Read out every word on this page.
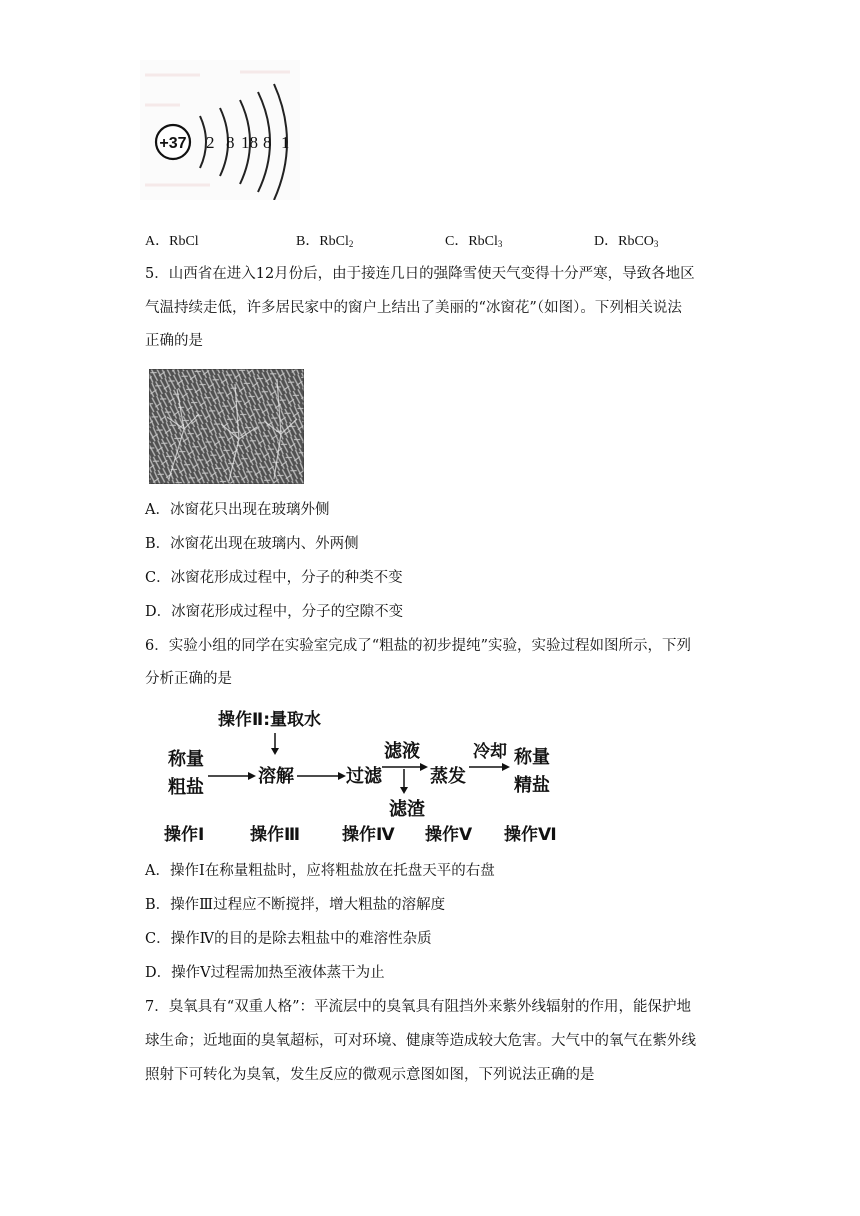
+37 2 8 18 8 1
A．RbCl	B．RbCl$_2$	C．RbCl$_3$	D．RbCO$_3$
5．山西省在进入12月份后，由于接连几日的强降雪使天气变得十分严寒，导致各地区
气温持续走低，许多居民家中的窗户上结出了美丽的“冰窗花”（如图）。下列相关说法
正确的是
A．冰窗花只出现在玻璃外侧
B．冰窗花出现在玻璃内、外两侧
C．冰窗花形成过程中，分子的种类不变
D．冰窗花形成过程中，分子的空隙不变
6．实验小组的同学在实验室完成了“粗盐的初步提纯”实验，实验过程如图所示，下列
分析正确的是
操作Ⅱ:量取水
称量
粗盐
溶解	过滤
滤液
滤渣
蒸发
冷却 称量
精盐
操作Ⅰ	操作Ⅲ 操作Ⅳ 操作Ⅴ 操作Ⅵ
A．操作Ⅰ在称量粗盐时，应将粗盐放在托盘天平的右盘
B．操作Ⅲ过程应不断搅拌，增大粗盐的溶解度
C．操作Ⅳ的目的是除去粗盐中的难溶性杂质
D．操作Ⅴ过程需加热至液体蒸干为止
7．臭氧具有“双重人格”：平流层中的臭氧具有阻挡外来紫外线辐射的作用，能保护地
球生命；近地面的臭氧超标，可对环境、健康等造成较大危害。大气中的氧气在紫外线
照射下可转化为臭氧，发生反应的微观示意图如图，下列说法正确的是
